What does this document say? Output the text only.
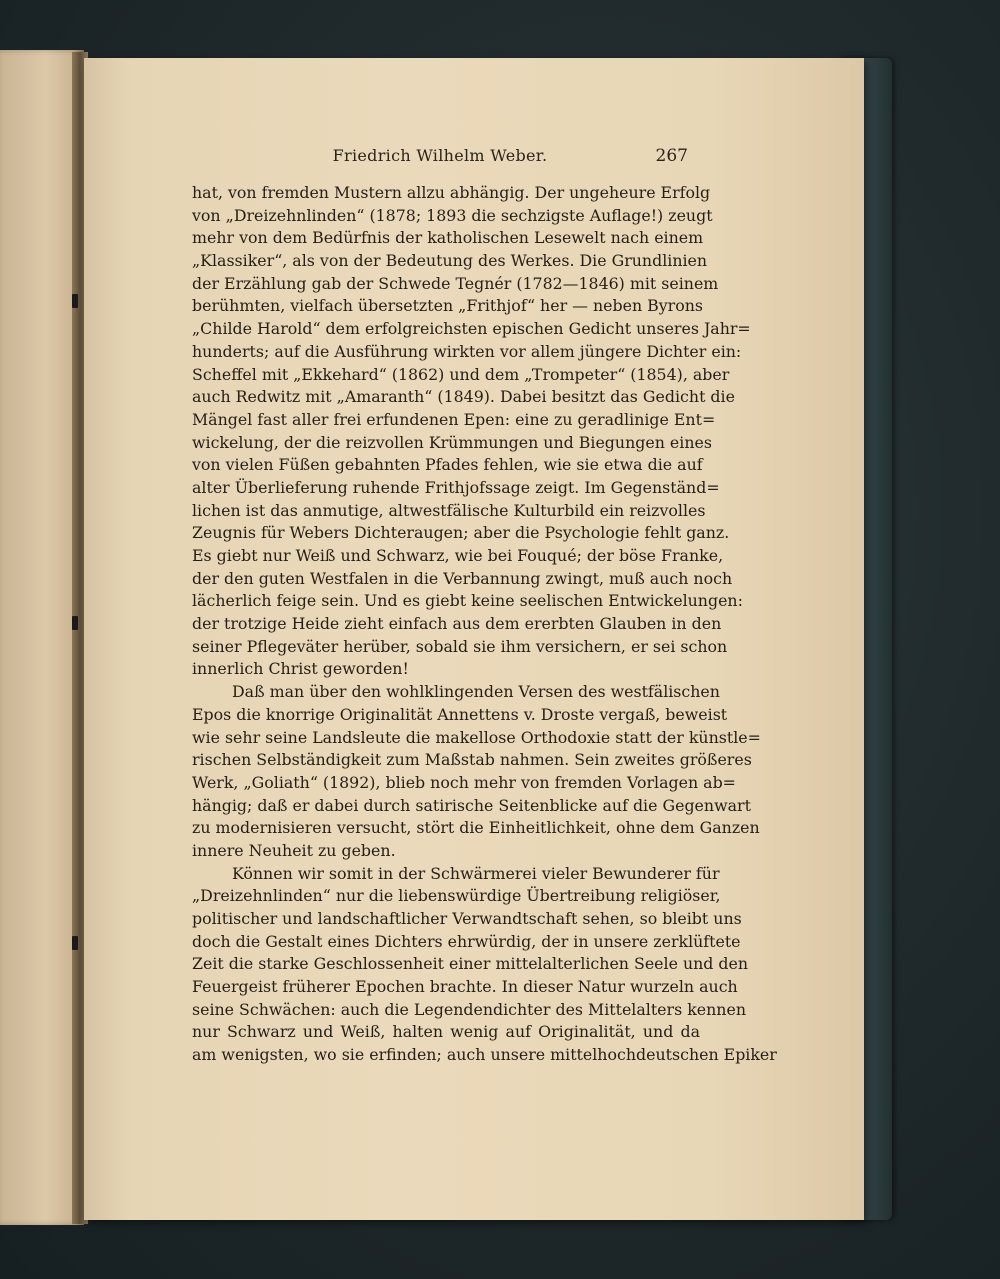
Friedrich Wilhelm Weber.	267
hat, von fremden Mustern allzu abhängig. Der ungeheure Erfolg
von „Dreizehnlinden“ (1878; 1893 die sechzigste Auflage!) zeugt
mehr von dem Bedürfnis der katholischen Lesewelt nach einem
„Klassiker“, als von der Bedeutung des Werkes. Die Grundlinien
der Erzählung gab der Schwede Tegnér (1782—1846) mit seinem
berühmten, vielfach übersetzten „Frithjof“ her — neben Byrons
„Childe Harold“ dem erfolgreichsten epischen Gedicht unseres Jahr=
hunderts; auf die Ausführung wirkten vor allem jüngere Dichter ein:
Scheffel mit „Ekkehard“ (1862) und dem „Trompeter“ (1854), aber
auch Redwitz mit „Amaranth“ (1849). Dabei besitzt das Gedicht die
Mängel fast aller frei erfundenen Epen: eine zu geradlinige Ent=
wickelung, der die reizvollen Krümmungen und Biegungen eines
von vielen Füßen gebahnten Pfades fehlen, wie sie etwa die auf
alter Überlieferung ruhende Frithjofssage zeigt. Im Gegenständ=
lichen ist das anmutige, altwestfälische Kulturbild ein reizvolles
Zeugnis für Webers Dichteraugen; aber die Psychologie fehlt ganz.
Es giebt nur Weiß und Schwarz, wie bei Fouqué; der böse Franke,
der den guten Westfalen in die Verbannung zwingt, muß auch noch
lächerlich feige sein. Und es giebt keine seelischen Entwickelungen:
der trotzige Heide zieht einfach aus dem ererbten Glauben in den
seiner Pflegeväter herüber, sobald sie ihm versichern, er sei schon
innerlich Christ geworden!
Daß man über den wohlklingenden Versen des westfälischen
Epos die knorrige Originalität Annettens v. Droste vergaß, beweist
wie sehr seine Landsleute die makellose Orthodoxie statt der künstle=
rischen Selbständigkeit zum Maßstab nahmen. Sein zweites größeres
Werk, „Goliath“ (1892), blieb noch mehr von fremden Vorlagen ab=
hängig; daß er dabei durch satirische Seitenblicke auf die Gegenwart
zu modernisieren versucht, stört die Einheitlichkeit, ohne dem Ganzen
innere Neuheit zu geben.
Können wir somit in der Schwärmerei vieler Bewunderer für
„Dreizehnlinden“ nur die liebenswürdige Übertreibung religiöser,
politischer und landschaftlicher Verwandtschaft sehen, so bleibt uns
doch die Gestalt eines Dichters ehrwürdig, der in unsere zerklüftete
Zeit die starke Geschlossenheit einer mittelalterlichen Seele und den
Feuergeist früherer Epochen brachte. In dieser Natur wurzeln auch
seine Schwächen: auch die Legendendichter des Mittelalters kennen
nur Schwarz und Weiß, halten wenig auf Originalität, und da
am wenigsten, wo sie erfinden; auch unsere mittelhochdeutschen Epiker
